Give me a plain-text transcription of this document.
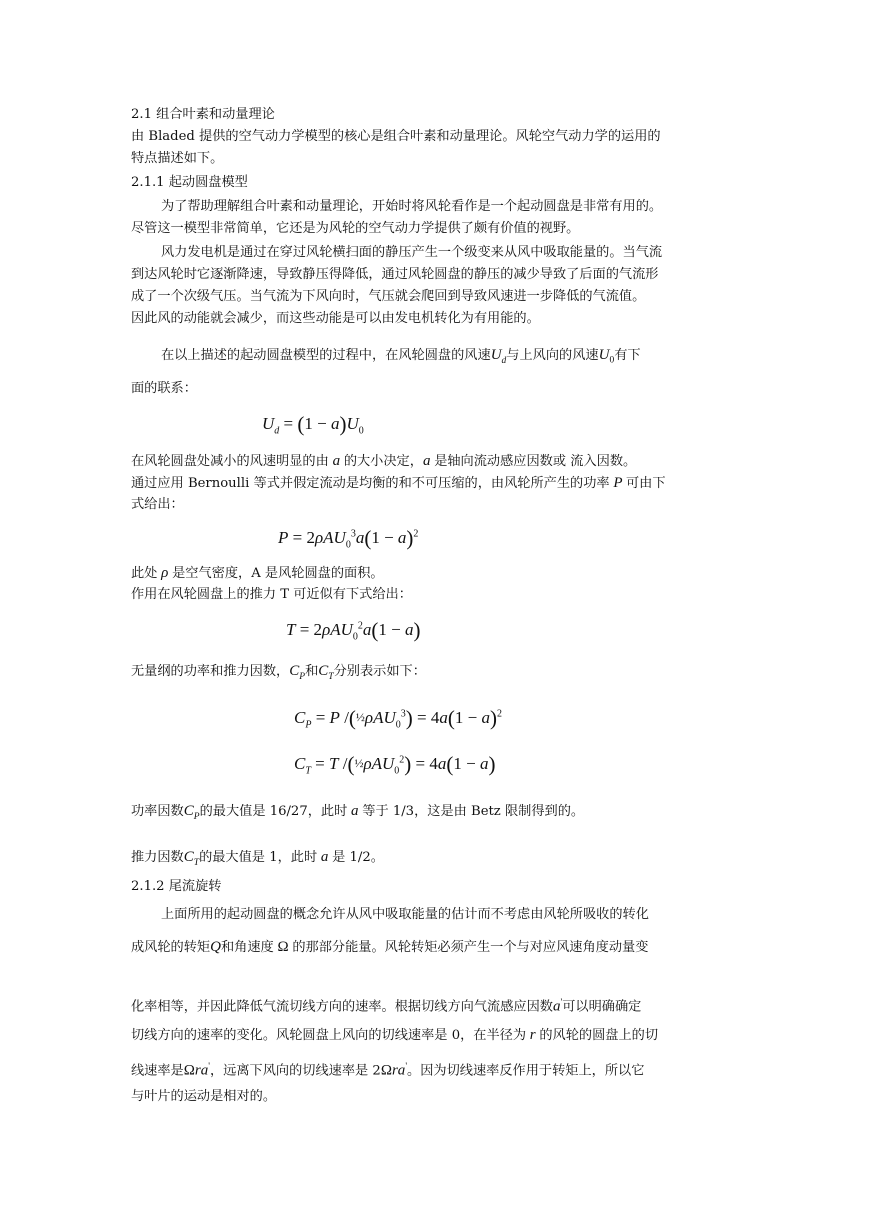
2.1 组合叶素和动量理论
由 Bladed 提供的空气动力学模型的核心是组合叶素和动量理论。风轮空气动力学的运用的
特点描述如下。
2.1.1 起动圆盘模型
为了帮助理解组合叶素和动量理论，开始时将风轮看作是一个起动圆盘是非常有用的。
尽管这一模型非常简单，它还是为风轮的空气动力学提供了颇有价值的视野。
风力发电机是通过在穿过风轮横扫面的静压产生一个级变来从风中吸取能量的。当气流
到达风轮时它逐渐降速，导致静压得降低，通过风轮圆盘的静压的减少导致了后面的气流形
成了一个次级气压。当气流为下风向时，气压就会爬回到导致风速进一步降低的气流值。
因此风的动能就会减少，而这些动能是可以由发电机转化为有用能的。
在以上描述的起动圆盘模型的过程中，在风轮圆盘的风速$U_d$与上风向的风速$U_0$有下
面的联系：
$U_d = (1 - a)U_0$
在风轮圆盘处减小的风速明显的由 a 的大小决定，a 是轴向流动感应因数或 流入因数。
通过应用 Bernoulli 等式并假定流动是均衡的和不可压缩的，由风轮所产生的功率 P 可由下
式给出：
$P = 2\rho AU_0^3a(1 - a)^2$
此处 ρ 是空气密度，A 是风轮圆盘的面积。
作用在风轮圆盘上的推力 T 可近似有下式给出：
T = 2ρAU$_0^2$a(1 − a)
无量纲的功率和推力因数，$C_P$和$C_T$分别表示如下：
$C_P = P$ /(½ρAU$_0^3$) = $4a(1 - a)^2$
$C_T = T$ /(½ρAU$_0^2$) = 4a(1 − a)
功率因数$C_P$的最大值是 16/27，此时 a 等于 1/3，这是由 Betz 限制得到的。
推力因数$C_T$的最大值是 1，此时 a 是 1/2。
2.1.2 尾流旋转
上面所用的起动圆盘的概念允许从风中吸取能量的估计而不考虑由风轮所吸收的转化
成风轮的转矩Q和角速度 Ω 的那部分能量。风轮转矩必须产生一个与对应风速角度动量变
化率相等，并因此降低气流切线方向的速率。根据切线方向气流感应因数a'可以明确确定
切线方向的速率的变化。风轮圆盘上风向的切线速率是 0，在半径为 r 的风轮的圆盘上的切
线速率是Ωra'，远离下风向的切线速率是 2Ωra'。因为切线速率反作用于转矩上，所以它
与叶片的运动是相对的。
